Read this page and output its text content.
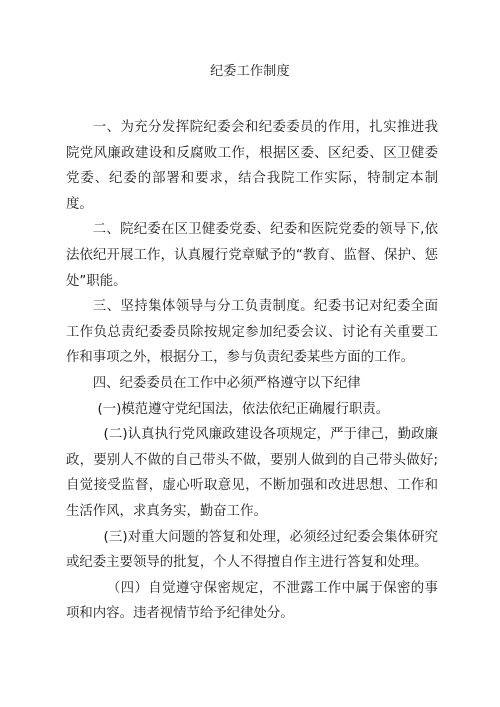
纪委工作制度

一、为充分发挥院纪委会和纪委委员的作用，扎实推进我院党风廉政建设和反腐败工作，根据区委、区纪委、区卫健委党委、纪委的部署和要求，结合我院工作实际，特制定本制度。

二、院纪委在区卫健委党委、纪委和医院党委的领导下,依法依纪开展工作，认真履行党章赋予的“教育、监督、保护、惩处”职能。

三、坚持集体领导与分工负责制度。纪委书记对纪委全面工作负总责纪委委员除按规定参加纪委会议、讨论有关重要工作和事项之外，根据分工，参与负责纪委某些方面的工作。

四、纪委委员在工作中必须严格遵守以下纪律

(一)模范遵守党纪国法，依法依纪正确履行职责。

(二)认真执行党风廉政建设各项规定，严于律己，勤政廉政，要别人不做的自己带头不做，要别人做到的自己带头做好;自觉接受监督，虚心听取意见，不断加强和改进思想、工作和生活作风，求真务实，勤奋工作。

(三)对重大问题的答复和处理，必须经过纪委会集体研究或纪委主要领导的批复，个人不得擅自作主进行答复和处理。

（四）自觉遵守保密规定，不泄露工作中属于保密的事项和内容。违者视情节给予纪律处分。
